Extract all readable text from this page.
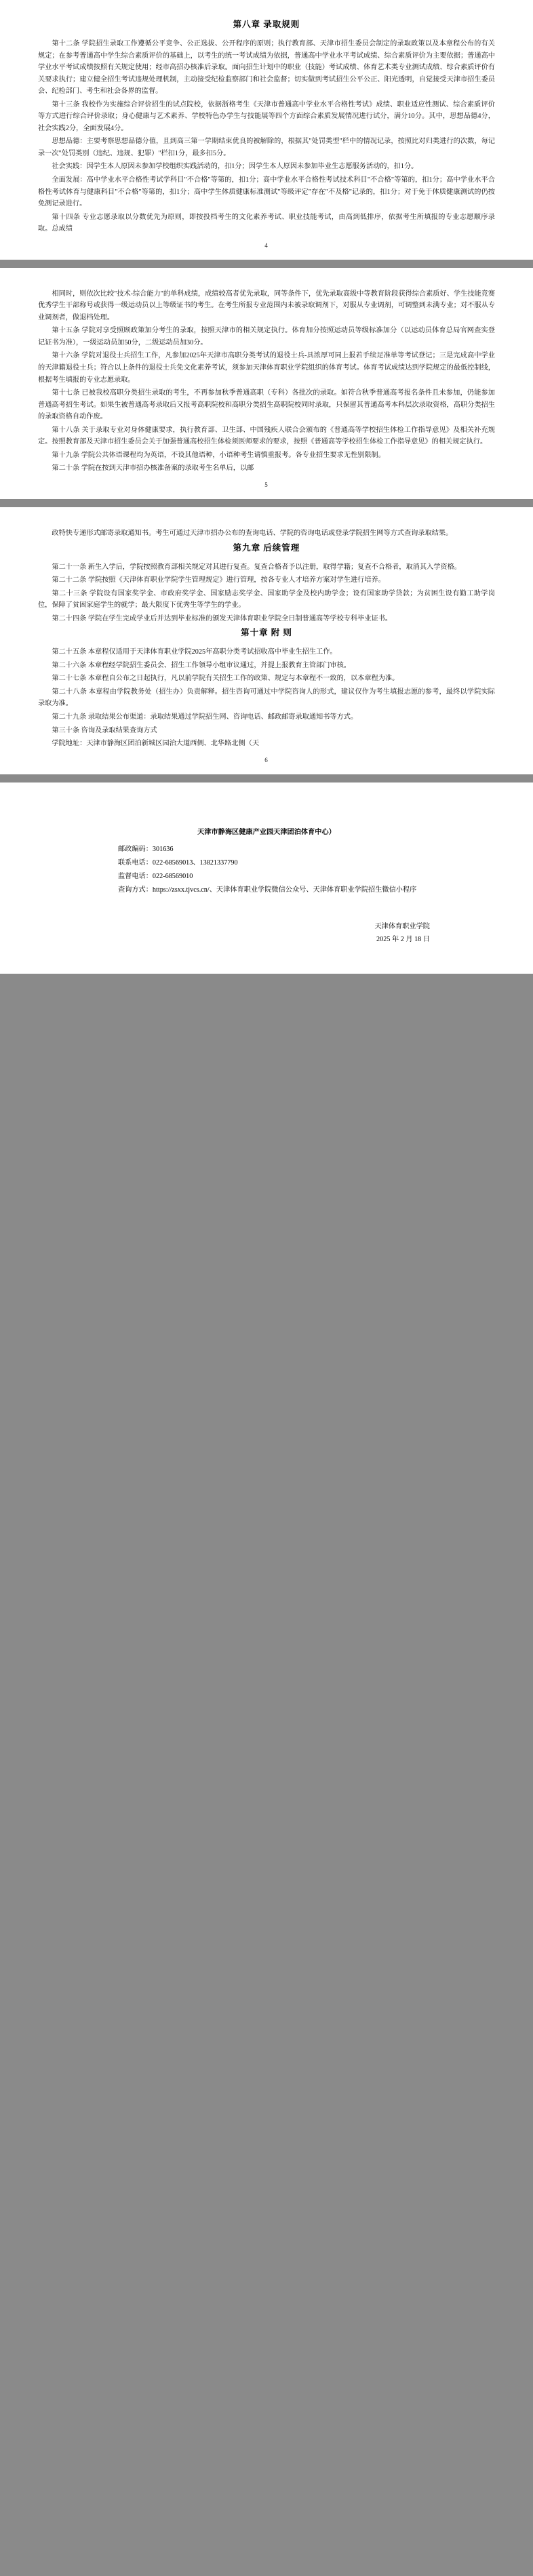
第八章 录取规则

第十二条 学院招生录取工作遵循公平竞争、公正选拔、公开程序的原则；执行教育部、天津市招生委员会制定的录取政策以及本章程公布的有关规定；在参考普通高中学生综合素质评价的基础上，以考生的统一考试成绩为依据，普通高中学业水平考试成绩、综合素质评价为主要依据；普通高中学业水平考试成绩按照有关规定使用；经市高招办核准后录取。面向招生计划中的职业（技能）考试成绩、体育艺术类专业测试成绩、综合素质评价有关要求执行；建立健全招生考试违规处理机制，主动接受纪检监察部门和社会监督；切实做到考试招生公平公正、阳光透明，自觉接受天津市招生委员会、纪检部门、考生和社会各界的监督。

第十三条 我校作为实施综合评价招生的试点院校，依据浙格考生《天津市普通高中学业水平合格性考试》成绩、职业适应性测试、综合素质评价等方式进行综合评价录取；身心健康与艺术素养、学校特色办学生与技能展等四个方面综合素质发展情况进行试分，满分10分。其中，思想品德4分，社会实践2分，全面发展4分。

思想品德：主要考察思想品德分值，且到高三第一学期结束优良的被解除的，根据其"处罚类型"栏中的情况记录，按照比对归类进行的次数，每记录一次"处罚类别（违纪、违规、犯罪）"栏扣1分，最多扣5分。

社会实践：因学生本人原因未参加学校组织实践活动的，扣1分；因学生本人原因未参加毕业生志愿服务活动的，扣1分。

全面发展：高中学业水平合格性考试学科目"不合格"等第的，扣1分；高中学业水平合格性考试技术科目"不合格"等第的，扣1分；高中学业水平合格性考试体育与健康科目"不合格"等第的，扣1分；高中学生体质健康标准测试"等级评定"存在"不及格"记录的，扣1分；对于免于体质健康测试的仍按免测记录进行。

第十四条 专业志愿录取以分数优先为原则，即按投档考生的文化素养考试、职业技能考试，由高到低排序，依据考生所填报的专业志愿顺序录取。总成绩

4

相同时，则依次比较"技术-综合能力"的单科成绩，成绩较高者优先录取，同等条件下，优先录取高级中等教育阶段获得综合素质好、学生技能竞赛优秀学生干部称号或获得一级运动员以上等级证书的考生。在考生所报专业范围内未被录取调剂下，对服从专业调剂，可调整到未满专业；对不服从专业调剂者，做退档处理。

第十五条 学院对享受照顾政策加分考生的录取，按照天津市的相关规定执行。体育加分按照运动员等级标准加分（以运动员体育总局官网查实登记证书为准），一级运动员加50分，二级运动员加30分。

第十六条 学院对退役士兵招生工作，凡参加2025年天津市高职分类考试的退役士兵-具浓厚可同上报若手续足准单等考试登记；三是完成高中学业的天津籍退役士兵；符合以上条件的退役士兵免文化素养考试，须参加天津体育职业学院组织的体育考试。体育考试成绩达到学院规定的最低控制线，根据考生填报的专业志愿录取。

第十七条 已被我校高职分类招生录取的考生，不再参加秋季普通高职（专科）各批次的录取。如符合秋季普通高考报名条件且未参加，仍能参加普通高考招生考试。如果生被普通高考录取后又报考高职院校和高职分类招生高职院校同时录取，只保留其普通高考本科层次录取资格，高职分类招生的录取资格自动作废。

第十八条 关于录取专业对身体健康要求，执行教育部、卫生部、中国残疾人联合会颁布的《普通高等学校招生体检工作指导意见》及相关补充规定。按照教育部及天津市招生委员会关于加强普通高校招生体检须医师要求的要求，按照《普通高等学校招生体检工作指导意见》的相关规定执行。

第十九条 学院公共体语课程均为英语，不设其他语种，小语种考生请慎重报考。各专业招生要求无性别限制。

第二十条 学院在按到天津市招办核准备案的录取考生名单后，以邮

5

政特快专递形式邮寄录取通知书。考生可通过天津市招办公布的查询电话、学院的咨询电话或登录学院招生网等方式查询录取结果。

第九章 后续管理

第二十一条 新生入学后，学院按照教育部相关规定对其进行复查。复查合格者予以注册，取得学籍；复查不合格者，取消其入学资格。

第二十二条 学院按照《天津体育职业学院学生管理规定》进行管理，按各专业人才培养方案对学生进行培养。

第二十三条 学院设有国家奖学金、市政府奖学金、国家励志奖学金、国家助学金及校内助学金；设有国家助学贷款；为贫困生设有勤工助学岗位，保障了贫困家庭学生的就学；最大限度下优秀生等学生的学业。

第二十四条 学院在学生完成学业后并达到毕业标准的颁发天津体育职业学院全日制普通高等学校专科毕业证书。

第十章 附 则

第二十五条 本章程仅适用于天津体育职业学院2025年高职分类考试招收高中毕业生招生工作。

第二十六条 本章程经学院招生委员会、招生工作领导小组审议通过，并提上报教育主管部门审核。

第二十七条 本章程自公布之日起执行，凡以前学院有关招生工作的政策、规定与本章程不一致的，以本章程为准。

第二十八条 本章程由学院教务处（招生办）负责解释。招生咨询可通过中学院咨询人的形式，建议仅作为考生填报志愿的参考，最终以学院实际录取为准。

第二十九条 录取结果公布渠道：录取结果通过学院招生网、咨询电话、邮政邮寄录取通知书等方式。

第三十条 咨询及录取结果查询方式

学院地址：天津市静海区团泊新城区园治大道西侧、北华路北侧（天

6

天津市静海区健康产业园天津团泊体育中心）

邮政编码：301636

联系电话：022-68569013、13821337790

监督电话：022-68569010

查询方式：https://zsxx.tjvcs.cn/、天津体育职业学院微信公众号、天津体育职业学院招生微信小程序

天津体育职业学院

2025 年 2 月 18 日
